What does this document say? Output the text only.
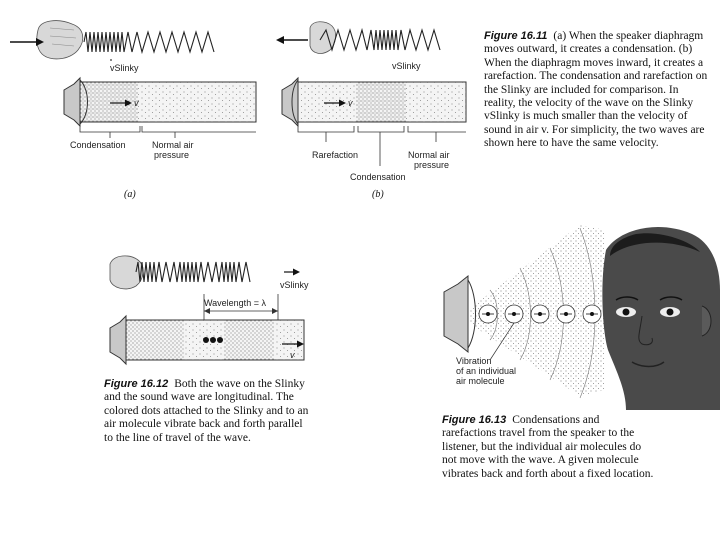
vSlinky
v
Condensation	Normal air
pressure
(a)
vSlinky
v
Rarefaction	Normal air
pressure
Condensation
(b)
Figure 16.11 (a) When the speaker diaphragm moves outward, it creates a condensation. (b) When the diaphragm moves inward, it creates a rarefaction. The condensation and rarefaction on the Slinky are included for comparison. In reality, the velocity of the wave on the Slinky vSlinky is much smaller than the velocity of sound in air v. For simplicity, the two waves are shown here to have the same velocity.
vSlinky
Wavelength = λ
v
Figure 16.12 Both the wave on the Slinky and the sound wave are longitudinal. The colored dots attached to the Slinky and to an air molecule vibrate back and forth parallel to the line of travel of the wave.
Vibration
of an individual
air molecule
Figure 16.13 Condensations and rarefactions travel from the speaker to the listener, but the individual air molecules do not move with the wave. A given molecule vibrates back and forth about a fixed location.
